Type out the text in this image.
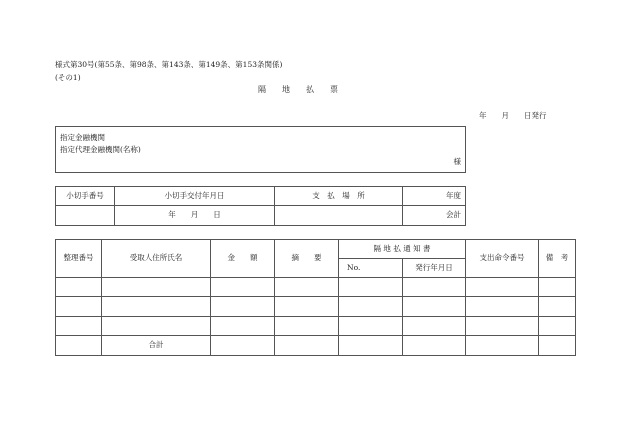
様式第30号(第55条、第98条、第143条、第149条、第153条関係)
(その1)
隔　　地　　払　　票
年　　月　　日発行
指定金融機関
指定代理金融機関(名称)
様
小切手番号	小切手交付年月日	支　払　場　所	年度
	年　　月　　日		会計
整理番号	受取人住所氏名	金　　額	摘　　要	隔 地 払 通 知 書		支出命令番号	備　考
				No.	発行年月日		

	合計						
